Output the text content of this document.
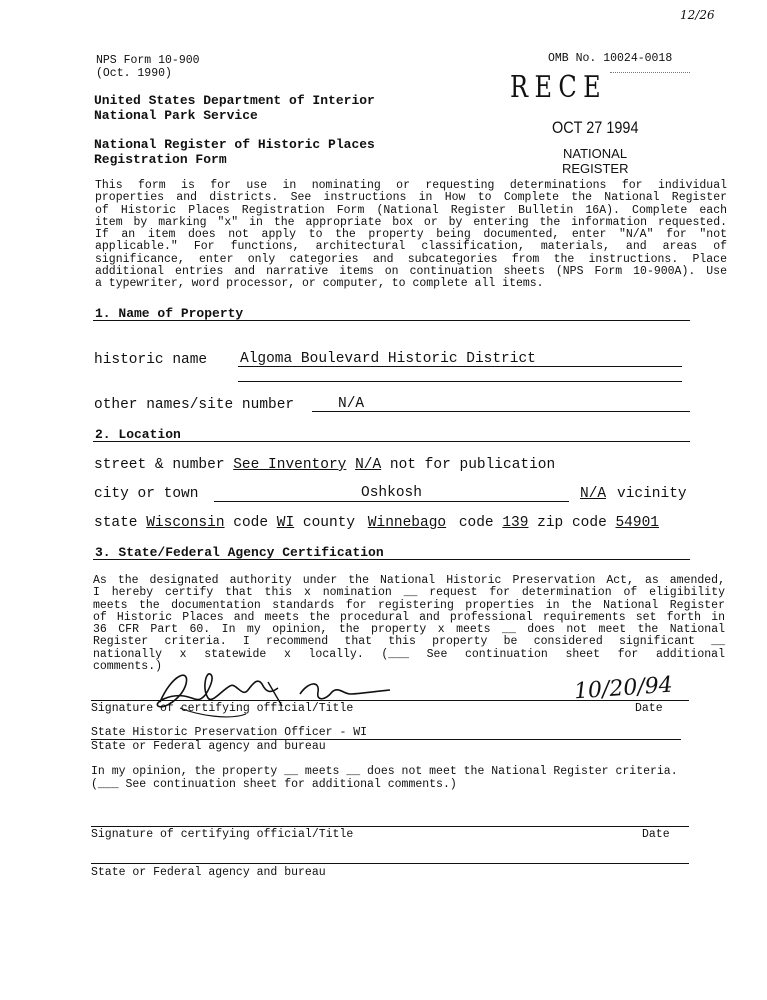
12/26
NPS Form 10-900
(Oct. 1990)
OMB No. 10024-0018
United States Department of Interior
National Park Service
National Register of Historic Places
Registration Form
RECE
OCT 27 1994
NATIONAL
REGISTER
This form is for use in nominating or requesting determinations for individual
properties and districts. See instructions in How to Complete the National Register
of Historic Places Registration Form (National Register Bulletin 16A). Complete each
item by marking "x" in the appropriate box or by entering the information requested.
If an item does not apply to the property being documented, enter "N/A" for "not
applicable." For functions, architectural classification, materials, and areas of
significance, enter only categories and subcategories from the instructions. Place
additional entries and narrative items on continuation sheets (NPS Form 10-900A). Use
a typewriter, word processor, or computer, to complete all items.
1. Name of Property
historic name Algoma Boulevard Historic District
other names/site number	N/A
2. Location
street & number See Inventory N/A not for publication
city or town	Oshkosh	N/A vicinity
state Wisconsin code WI county Winnebago code 139 zip code 54901
3. State/Federal Agency Certification
As the designated authority under the National Historic Preservation Act, as amended,
I hereby certify that this x nomination __ request for determination of eligibility
meets the documentation standards for registering properties in the National Register
of Historic Places and meets the procedural and professional requirements set forth in
36 CFR Part 60. In my opinion, the property x meets __ does not meet the National
Register criteria. I recommend that this property be considered significant __
nationally x statewide x locally. (___ See continuation sheet for additional
comments.)
10/20/94
Signature of certifying official/Title	Date
State Historic Preservation Officer - WI
State or Federal agency and bureau
In my opinion, the property __ meets __ does not meet the National Register criteria.
(___ See continuation sheet for additional comments.)
Signature of certifying official/Title	Date
State or Federal agency and bureau
